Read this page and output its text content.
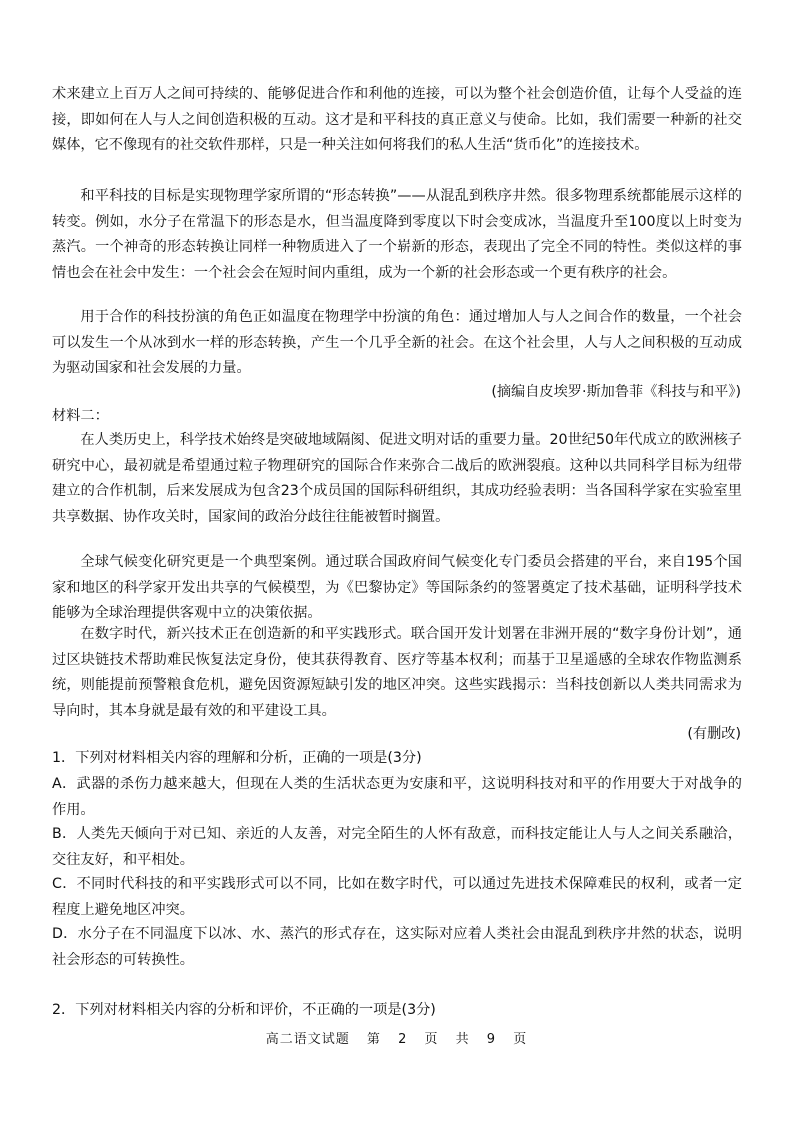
术来建立上百万人之间可持续的、能够促进合作和利他的连接，可以为整个社会创造价值，让每个人受益的连接，即如何在人与人之间创造积极的互动。这才是和平科技的真正意义与使命。比如，我们需要一种新的社交媒体，它不像现有的社交软件那样，只是一种关注如何将我们的私人生活“货币化”的连接技术。

和平科技的目标是实现物理学家所谓的“形态转换”——从混乱到秩序井然。很多物理系统都能展示这样的转变。例如，水分子在常温下的形态是水，但当温度降到零度以下时会变成冰，当温度升至100度以上时变为蒸汽。一个神奇的形态转换让同样一种物质进入了一个崭新的形态，表现出了完全不同的特性。类似这样的事情也会在社会中发生：一个社会会在短时间内重组，成为一个新的社会形态或一个更有秩序的社会。

用于合作的科技扮演的角色正如温度在物理学中扮演的角色：通过增加人与人之间合作的数量，一个社会可以发生一个从冰到水一样的形态转换，产生一个几乎全新的社会。在这个社会里，人与人之间积极的互动成为驱动国家和社会发展的力量。

(摘编自皮埃罗·斯加鲁菲《科技与和平》)

材料二：

在人类历史上，科学技术始终是突破地域隔阂、促进文明对话的重要力量。20世纪50年代成立的欧洲核子研究中心，最初就是希望通过粒子物理研究的国际合作来弥合二战后的欧洲裂痕。这种以共同科学目标为纽带建立的合作机制，后来发展成为包含23个成员国的国际科研组织，其成功经验表明：当各国科学家在实验室里共享数据、协作攻关时，国家间的政治分歧往往能被暂时搁置。

全球气候变化研究更是一个典型案例。通过联合国政府间气候变化专门委员会搭建的平台，来自195个国家和地区的科学家开发出共享的气候模型，为《巴黎协定》等国际条约的签署奠定了技术基础，证明科学技术能够为全球治理提供客观中立的决策依据。

在数字时代，新兴技术正在创造新的和平实践形式。联合国开发计划署在非洲开展的“数字身份计划”，通过区块链技术帮助难民恢复法定身份，使其获得教育、医疗等基本权利；而基于卫星遥感的全球农作物监测系统，则能提前预警粮食危机，避免因资源短缺引发的地区冲突。这些实践揭示：当科技创新以人类共同需求为导向时，其本身就是最有效的和平建设工具。

(有删改)

1．下列对材料相关内容的理解和分析，正确的一项是(3分)

A．武器的杀伤力越来越大，但现在人类的生活状态更为安康和平，这说明科技对和平的作用要大于对战争的作用。

B．人类先天倾向于对已知、亲近的人友善，对完全陌生的人怀有敌意，而科技定能让人与人之间关系融洽，交往友好，和平相处。

C．不同时代科技的和平实践形式可以不同，比如在数字时代，可以通过先进技术保障难民的权利，或者一定程度上避免地区冲突。

D．水分子在不同温度下以冰、水、蒸汽的形式存在，这实际对应着人类社会由混乱到秩序井然的状态，说明社会形态的可转换性。

2．下列对材料相关内容的分析和评价，不正确的一项是(3分)

高二语文试题 第 2 页 共 9 页
